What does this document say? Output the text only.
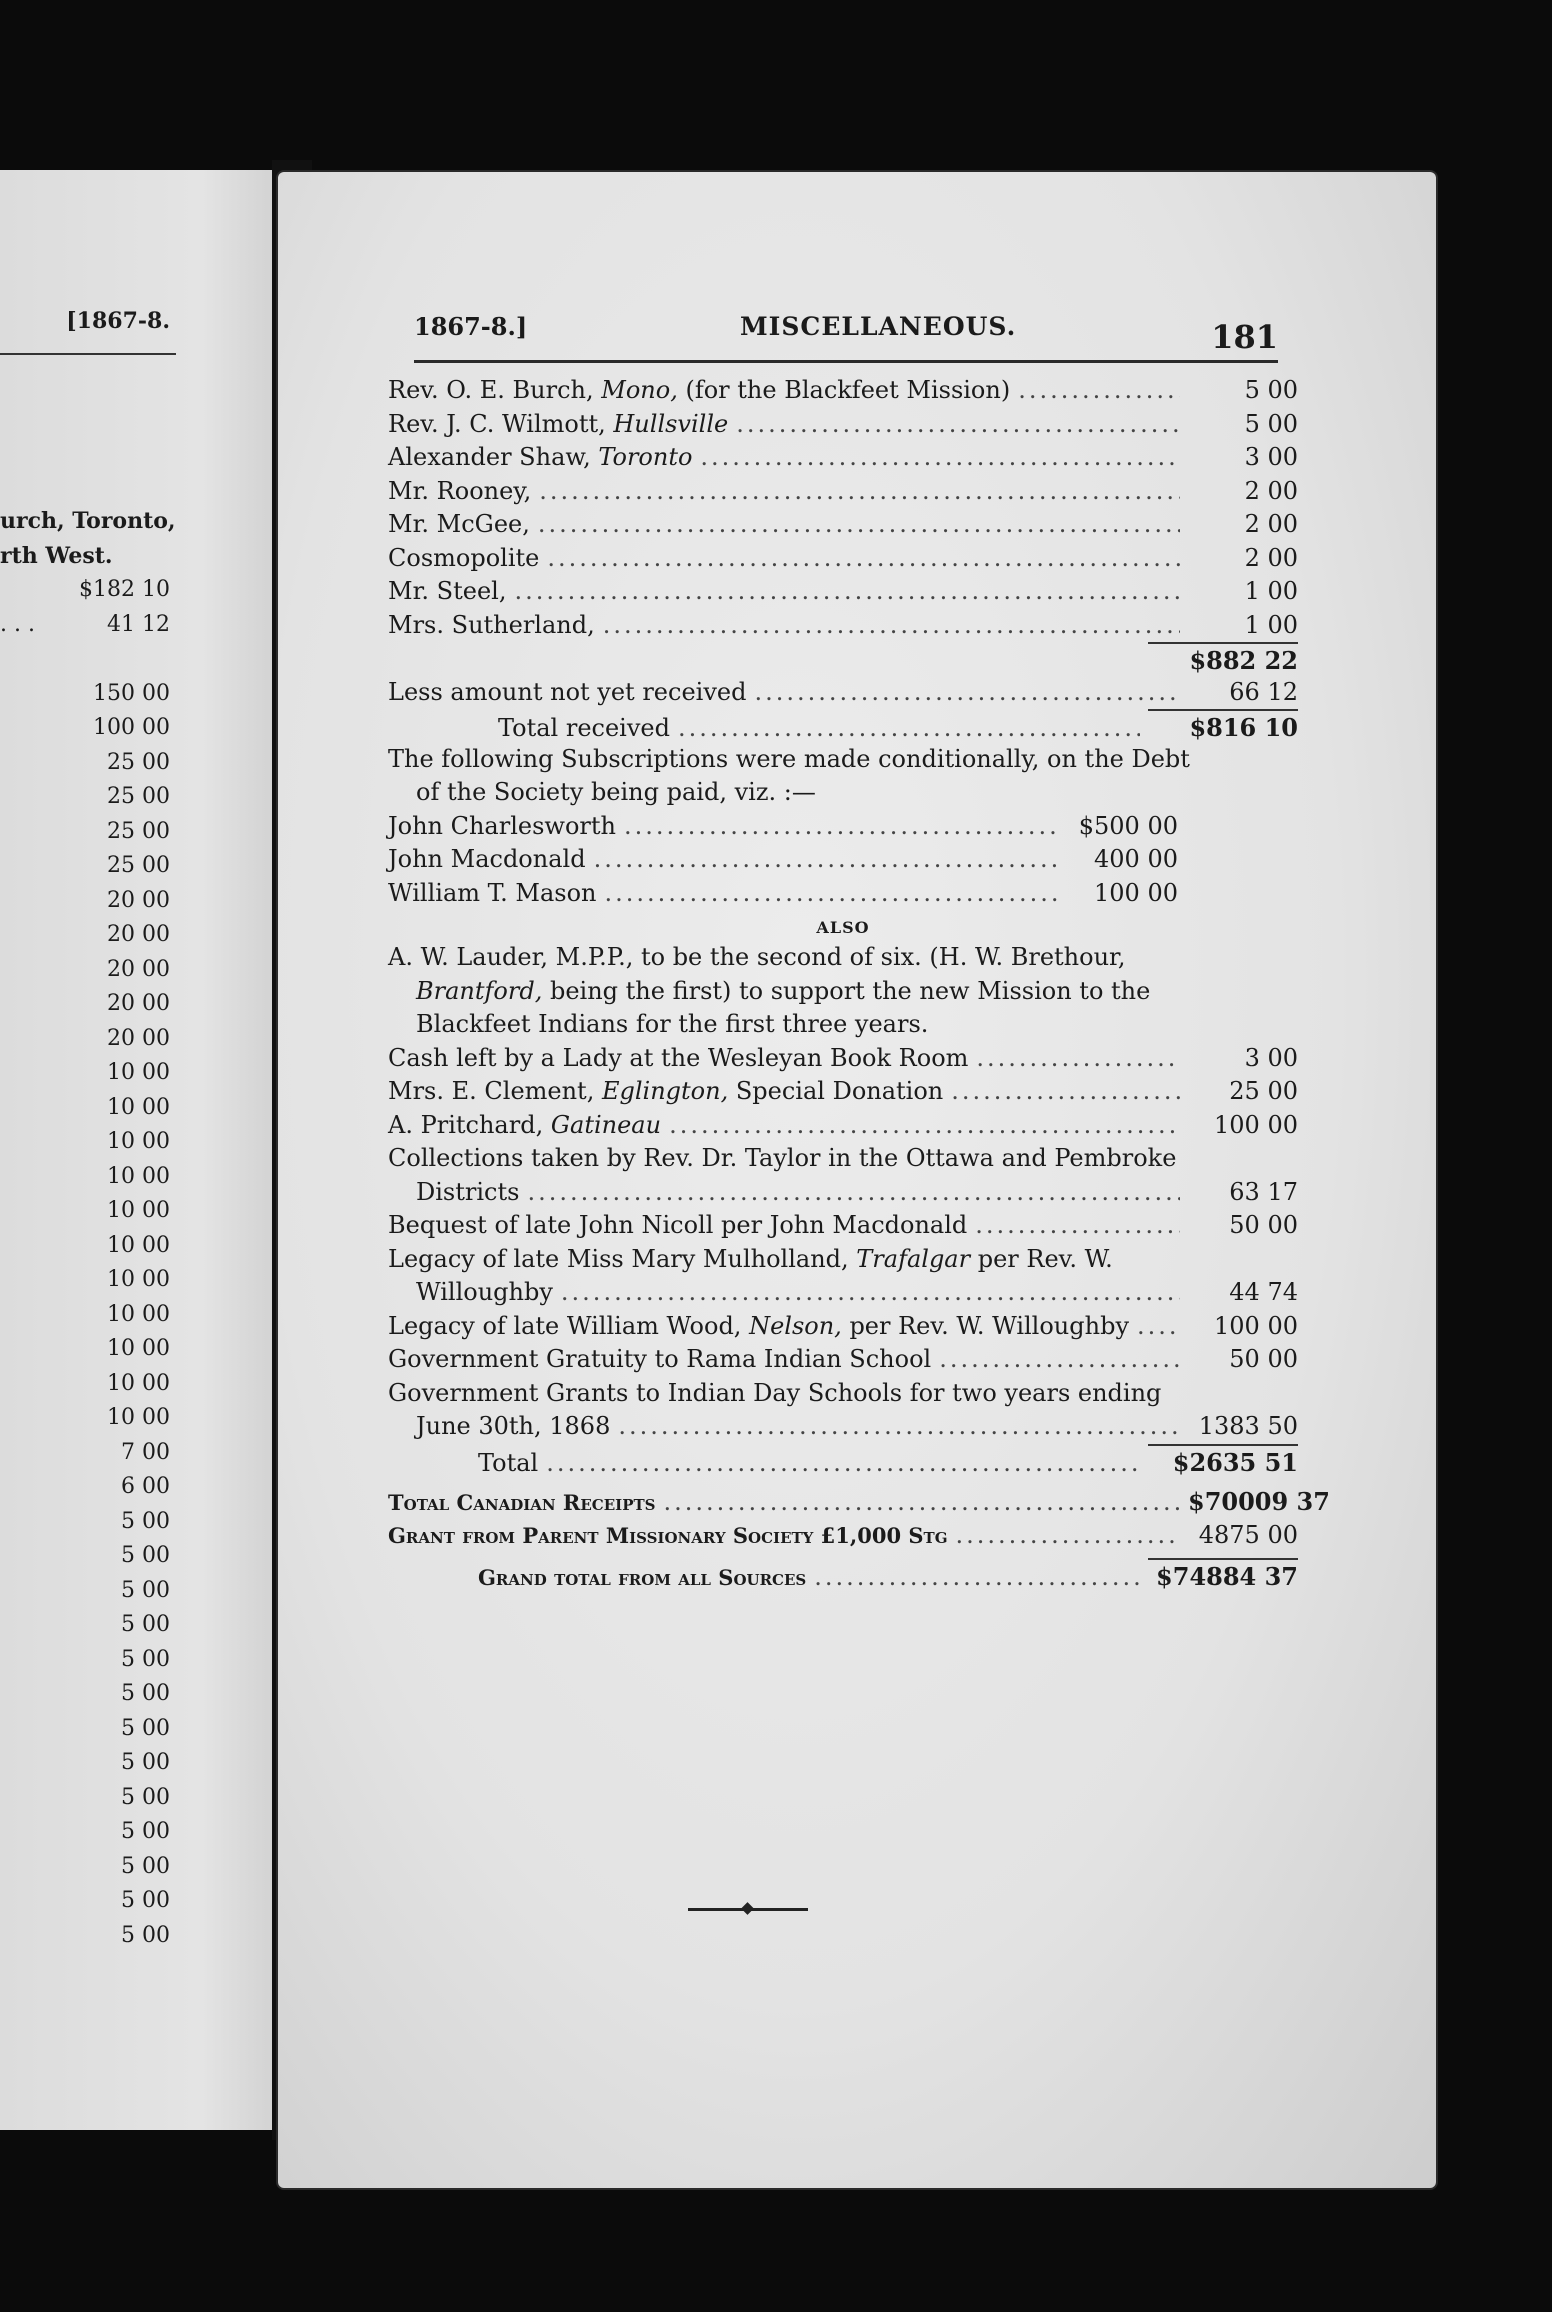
[1867-8.
urch, Toronto,
rth West.
$182 10
. . .	41 12
150 00
100 00
25 00
25 00
25 00
25 00
20 00
20 00
20 00
20 00
20 00
10 00
10 00
10 00
10 00
10 00
10 00
10 00
10 00
10 00
10 00
10 00
7 00
6 00
5 00
5 00
5 00
5 00
5 00
5 00
5 00
5 00
5 00
5 00
5 00
5 00
5 00
1867-8.]	MISCELLANEOUS.	181
Rev. O. E. Burch, Mono, (for the Blackfeet Mission) .....	5 00
Rev. J. C. Wilmott, Hullsville .....	5 00
Alexander Shaw, Toronto .....	3 00
Mr. Rooney, .....	2 00
Mr. McGee, .....	2 00
Cosmopolite .....	2 00
Mr. Steel, .....	1 00
Mrs. Sutherland, .....	1 00
$882 22
Less amount not yet received .....	66 12
Total received .....	$816 10
The following Subscriptions were made conditionally, on the Debt
of the Society being paid, viz. :—
John Charlesworth .....	$500 00
John Macdonald .....	400 00
William T. Mason .....	100 00
ALSO
A. W. Lauder, M.P.P., to be the second of six. (H. W. Brethour,
Brantford, being the first) to support the new Mission to the
Blackfeet Indians for the first three years.
Cash left by a Lady at the Wesleyan Book Room .....	3 00
Mrs. E. Clement, Eglington, Special Donation .....	25 00
A. Pritchard, Gatineau .....	100 00
Collections taken by Rev. Dr. Taylor in the Ottawa and Pembroke
Districts .....	63 17
Bequest of late John Nicoll per John Macdonald .....	50 00
Legacy of late Miss Mary Mulholland, Trafalgar per Rev. W.
Willoughby .....	44 74
Legacy of late William Wood, Nelson, per Rev. W. Willoughby .....	100 00
Government Gratuity to Rama Indian School .....	50 00
Government Grants to Indian Day Schools for two years ending
June 30th, 1868 .....	1383 50
Total .....	$2635 51
Total Canadian Receipts .....	$70009 37
Grant from Parent Missionary Society £1,000 Stg .....	4875 00
Grand total from all Sources .....	$74884 37
